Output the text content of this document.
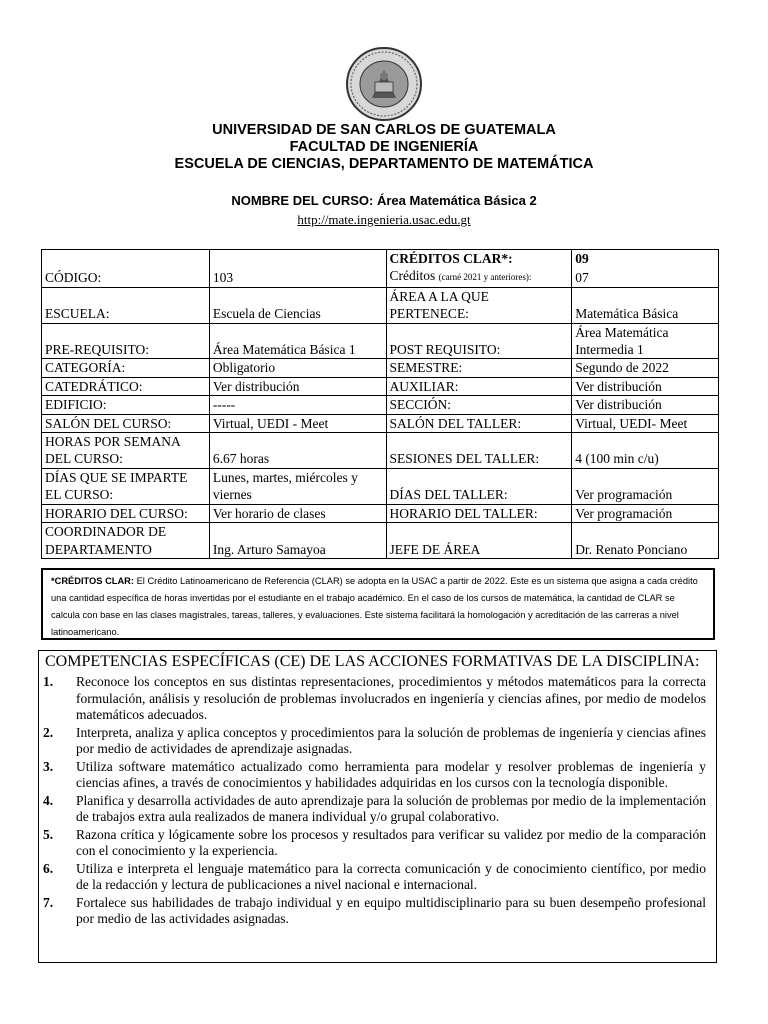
UNIVERSIDAD DE SAN CARLOS DE GUATEMALA
FACULTAD DE INGENIERÍA
ESCUELA DE CIENCIAS, DEPARTAMENTO DE MATEMÁTICA
NOMBRE DEL CURSO: Área Matemática Básica 2
http://mate.ingenieria.usac.edu.gt
CÓDIGO:	103	CRÉDITOS CLAR*:	09
		Créditos (carné 2021 y anteriores):	07
ESCUELA:	Escuela de Ciencias	ÁREA A LA QUE PERTENECE:	Matemática Básica
PRE-REQUISITO:	Área Matemática Básica 1	POST REQUISITO:	Área Matemática Intermedia 1
CATEGORÍA:	Obligatorio	SEMESTRE:	Segundo de 2022
CATEDRÁTICO:	Ver distribución	AUXILIAR:	Ver distribución
EDIFICIO:	-----	SECCIÓN:	Ver distribución
SALÓN DEL CURSO:	Virtual, UEDI - Meet	SALÓN DEL TALLER:	Virtual, UEDI- Meet
HORAS POR SEMANA DEL CURSO:	6.67 horas	SESIONES DEL TALLER:	4 (100 min c/u)
DÍAS QUE SE IMPARTE EL CURSO:	Lunes, martes, miércoles y viernes	DÍAS DEL TALLER:	Ver programación
HORARIO DEL CURSO:	Ver horario de clases	HORARIO DEL TALLER:	Ver programación
COORDINADOR DE DEPARTAMENTO	Ing. Arturo Samayoa	JEFE DE ÁREA	Dr. Renato Ponciano
*CRÉDITOS CLAR: El Crédito Latinoamericano de Referencia (CLAR) se adopta en la USAC a partir de 2022. Este es un sistema que asigna a cada crédito una cantidad específica de horas invertidas por el estudiante en el trabajo académico. En el caso de los cursos de matemática, la cantidad de CLAR se calcula con base en las clases magistrales, tareas, talleres, y evaluaciones. Este sistema facilitará la homologación y acreditación de las carreras a nivel latinoamericano.
COMPETENCIAS ESPECÍFICAS (CE) DE LAS ACCIONES FORMATIVAS DE LA DISCIPLINA:
1.	Reconoce los conceptos en sus distintas representaciones, procedimientos y métodos matemáticos para la correcta formulación, análisis y resolución de problemas involucrados en ingeniería y ciencias afines, por medio de modelos matemáticos adecuados.
2.	Interpreta, analiza y aplica conceptos y procedimientos para la solución de problemas de ingeniería y ciencias afines por medio de actividades de aprendizaje asignadas.
3.	Utiliza software matemático actualizado como herramienta para modelar y resolver problemas de ingeniería y ciencias afines, a través de conocimientos y habilidades adquiridas en los cursos con la tecnología disponible.
4.	Planifica y desarrolla actividades de auto aprendizaje para la solución de problemas por medio de la implementación de trabajos extra aula realizados de manera individual y/o grupal colaborativo.
5.	Razona crítica y lógicamente sobre los procesos y resultados para verificar su validez por medio de la comparación con el conocimiento y la experiencia.
6.	Utiliza e interpreta el lenguaje matemático para la correcta comunicación y de conocimiento científico, por medio de la redacción y lectura de publicaciones a nivel nacional e internacional.
7.	Fortalece sus habilidades de trabajo individual y en equipo multidisciplinario para su buen desempeño profesional por medio de las actividades asignadas.
